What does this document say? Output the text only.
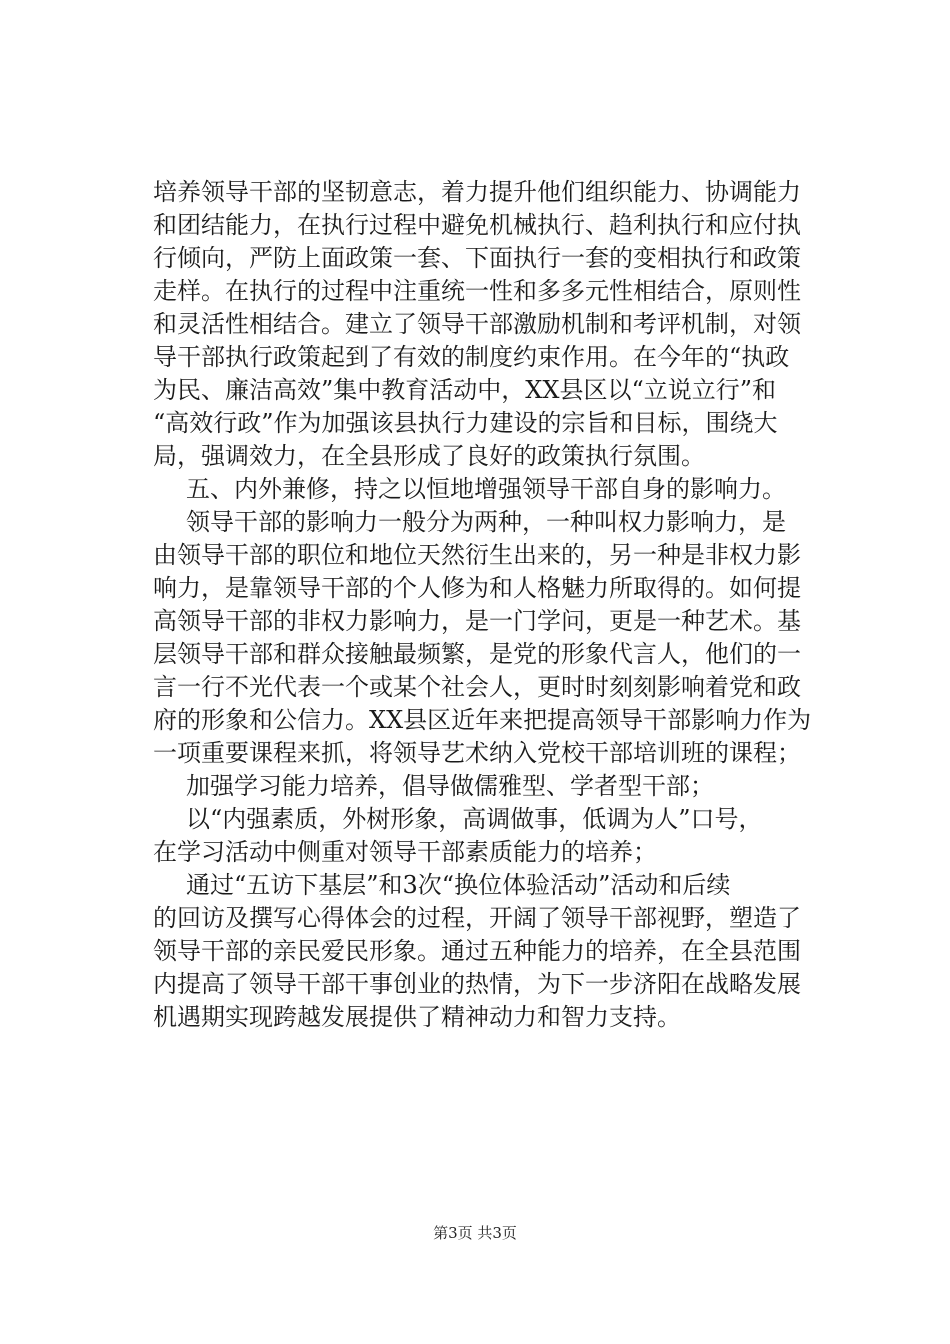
培养领导干部的坚韧意志，着力提升他们组织能力、协调能力
和团结能力，在执行过程中避免机械执行、趋利执行和应付执
行倾向，严防上面政策一套、下面执行一套的变相执行和政策
走样。在执行的过程中注重统一性和多多元性相结合，原则性
和灵活性相结合。建立了领导干部激励机制和考评机制，对领
导干部执行政策起到了有效的制度约束作用。在今年的“执政
为民、廉洁高效”集中教育活动中，XX县区以“立说立行”和
“高效行政”作为加强该县执行力建设的宗旨和目标，围绕大
局，强调效力，在全县形成了良好的政策执行氛围。
五、内外兼修，持之以恒地增强领导干部自身的影响力。
领导干部的影响力一般分为两种，一种叫权力影响力，是
由领导干部的职位和地位天然衍生出来的，另一种是非权力影
响力，是靠领导干部的个人修为和人格魅力所取得的。如何提
高领导干部的非权力影响力，是一门学问，更是一种艺术。基
层领导干部和群众接触最频繁，是党的形象代言人，他们的一
言一行不光代表一个或某个社会人，更时时刻刻影响着党和政
府的形象和公信力。XX县区近年来把提高领导干部影响力作为
一项重要课程来抓，将领导艺术纳入党校干部培训班的课程；
加强学习能力培养，倡导做儒雅型、学者型干部；
以“内强素质，外树形象，高调做事，低调为人”口号，
在学习活动中侧重对领导干部素质能力的培养；
通过“五访下基层”和3次“换位体验活动”活动和后续
的回访及撰写心得体会的过程，开阔了领导干部视野，塑造了
领导干部的亲民爱民形象。通过五种能力的培养，在全县范围
内提高了领导干部干事创业的热情，为下一步济阳在战略发展
机遇期实现跨越发展提供了精神动力和智力支持。
第3页 共3页
